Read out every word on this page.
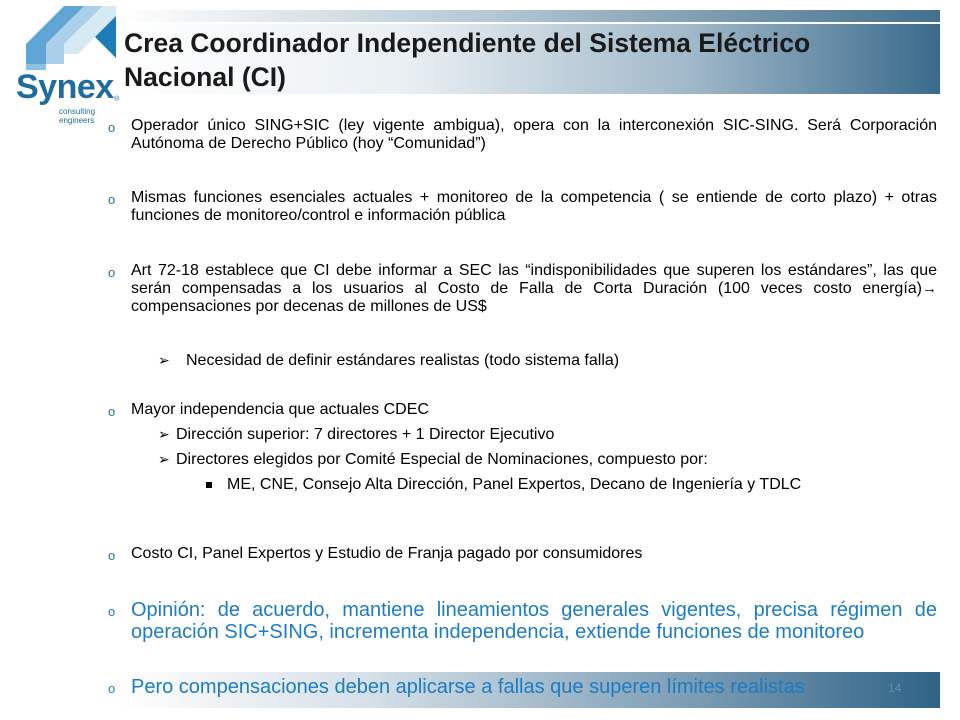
14
Synex ®
consulting engineers
Crea Coordinador Independiente del Sistema Eléctrico Nacional (CI)
o Operador único SING+SIC (ley vigente ambigua), opera con la interconexión SIC-SING. Será Corporación Autónoma de Derecho Público (hoy “Comunidad”)
o Mismas funciones esenciales actuales + monitoreo de la competencia ( se entiende de corto plazo) + otras funciones de monitoreo/control e información pública
o Art 72-18 establece que CI debe informar a SEC las “indisponibilidades que superen los estándares”, las que serán compensadas a los usuarios al Costo de Falla de Corta Duración (100 veces costo energía)→ compensaciones por decenas de millones de US$
➢ Necesidad de definir estándares realistas (todo sistema falla)
o Mayor independencia que actuales CDEC
➢ Dirección superior: 7 directores + 1 Director Ejecutivo
➢ Directores elegidos por Comité Especial de Nominaciones, compuesto por:
ME, CNE, Consejo Alta Dirección, Panel Expertos, Decano de Ingeniería y TDLC
o Costo CI, Panel Expertos y Estudio de Franja pagado por consumidores
o Opinión: de acuerdo, mantiene lineamientos generales vigentes, precisa régimen de operación SIC+SING, incrementa independencia, extiende funciones de monitoreo
o Pero compensaciones deben aplicarse a fallas que superen límites realistas
